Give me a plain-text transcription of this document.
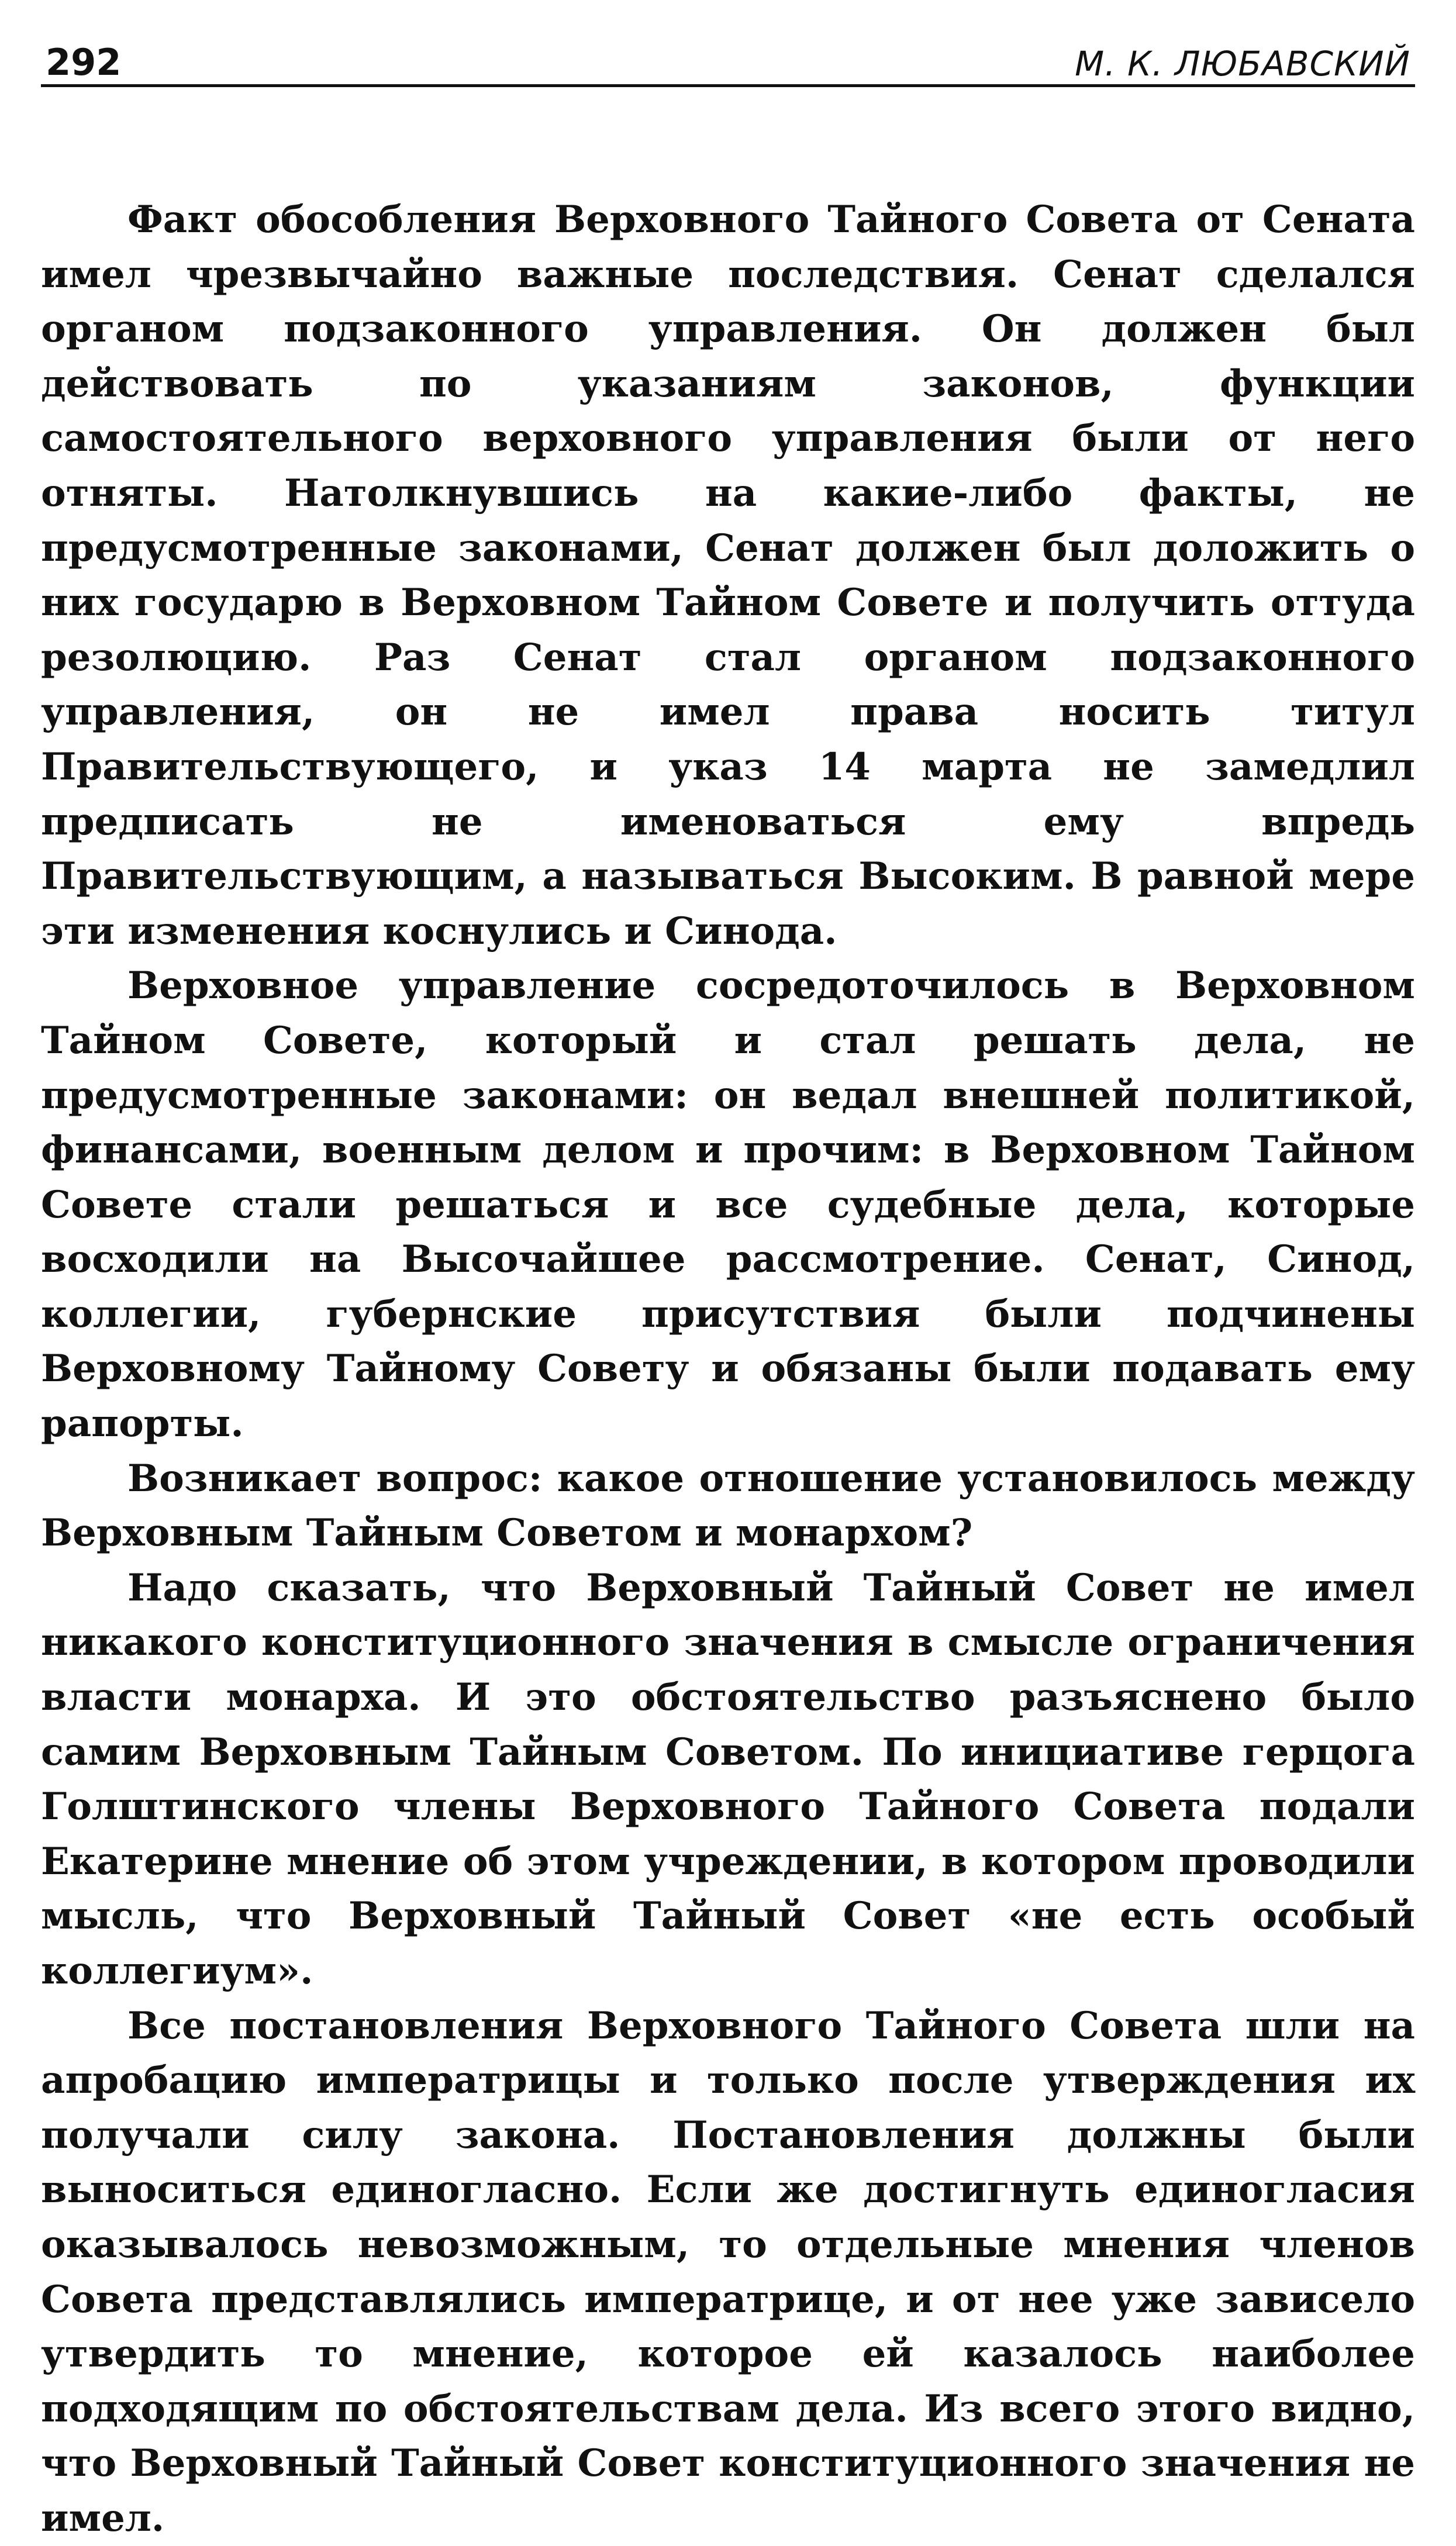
292	М. К. ЛЮБАВСКИЙ

Факт обособления Верховного Тайного Совета от Сената имел чрезвычайно важные последствия. Сенат сделался органом подзаконного управления. Он должен был действовать по указаниям законов, функции самостоятельного верховного управления были от него отняты. Натолкнувшись на какие-либо факты, не предусмотренные законами, Сенат должен был доложить о них государю в Верховном Тайном Совете и получить оттуда резолюцию. Раз Сенат стал органом подзаконного управления, он не имел права носить титул Правительствующего, и указ 14 марта не замедлил предписать не именоваться ему впредь Правительствующим, а называться Высоким. В равной мере эти изменения коснулись и Синода.

Верховное управление сосредоточилось в Верховном Тайном Совете, который и стал решать дела, не предусмотренные законами: он ведал внешней политикой, финансами, военным делом и прочим: в Верховном Тайном Совете стали решаться и все судебные дела, которые восходили на Высочайшее рассмотрение. Сенат, Синод, коллегии, губернские присутствия были подчинены Верховному Тайному Совету и обязаны были подавать ему рапорты.

Возникает вопрос: какое отношение установилось между Верховным Тайным Советом и монархом?

Надо сказать, что Верховный Тайный Совет не имел никакого конституционного значения в смысле ограничения власти монарха. И это обстоятельство разъяснено было самим Верховным Тайным Советом. По инициативе герцога Голштинского члены Верховного Тайного Совета подали Екатерине мнение об этом учреждении, в котором проводили мысль, что Верховный Тайный Совет «не есть особый коллегиум».

Все постановления Верховного Тайного Совета шли на апробацию императрицы и только после утверждения их получали силу закона. Постановления должны были выноситься единогласно. Если же достигнуть единогласия оказывалось невозможным, то отдельные мнения членов Совета представлялись императрице, и от нее уже зависело утвердить то мнение, которое ей казалось наиболее подходящим по обстоятельствам дела. Из всего этого видно, что Верховный Тайный Совет конституционного значения не имел.
